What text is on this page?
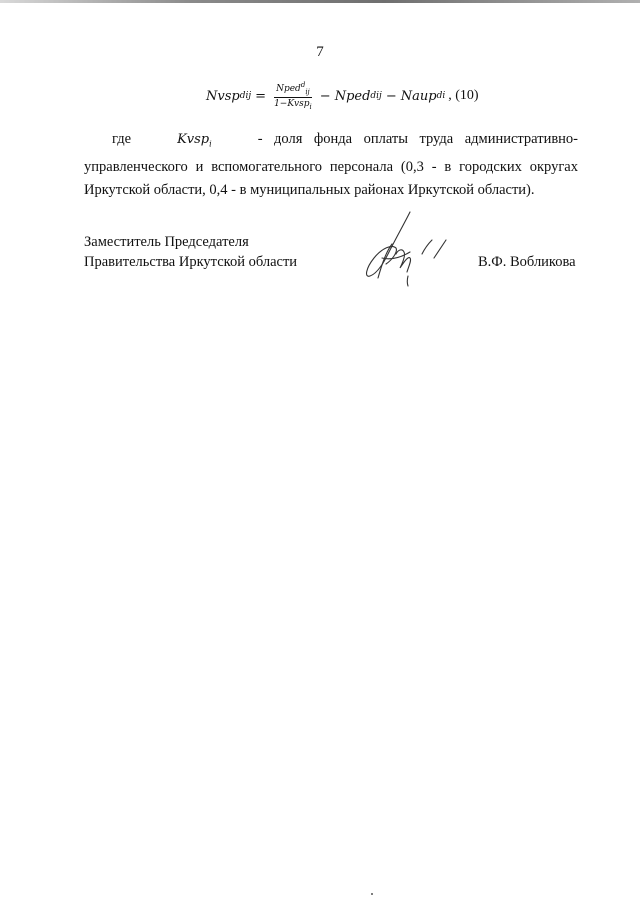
7
Nvsp d ij = $\frac{Nped^d_{ij}}{1-Kvsp_i}$ − Nped d ij − Naup d i , (10)
где	Kvsp$_i$	- доля фонда оплаты труда административно-
управленческого и вспомогательного персонала (0,3 - в городских округах
Иркутской области, 0,4 - в муниципальных районах Иркутской области).
Заместитель Председателя
Правительства Иркутской области	В.Ф. Вобликова
